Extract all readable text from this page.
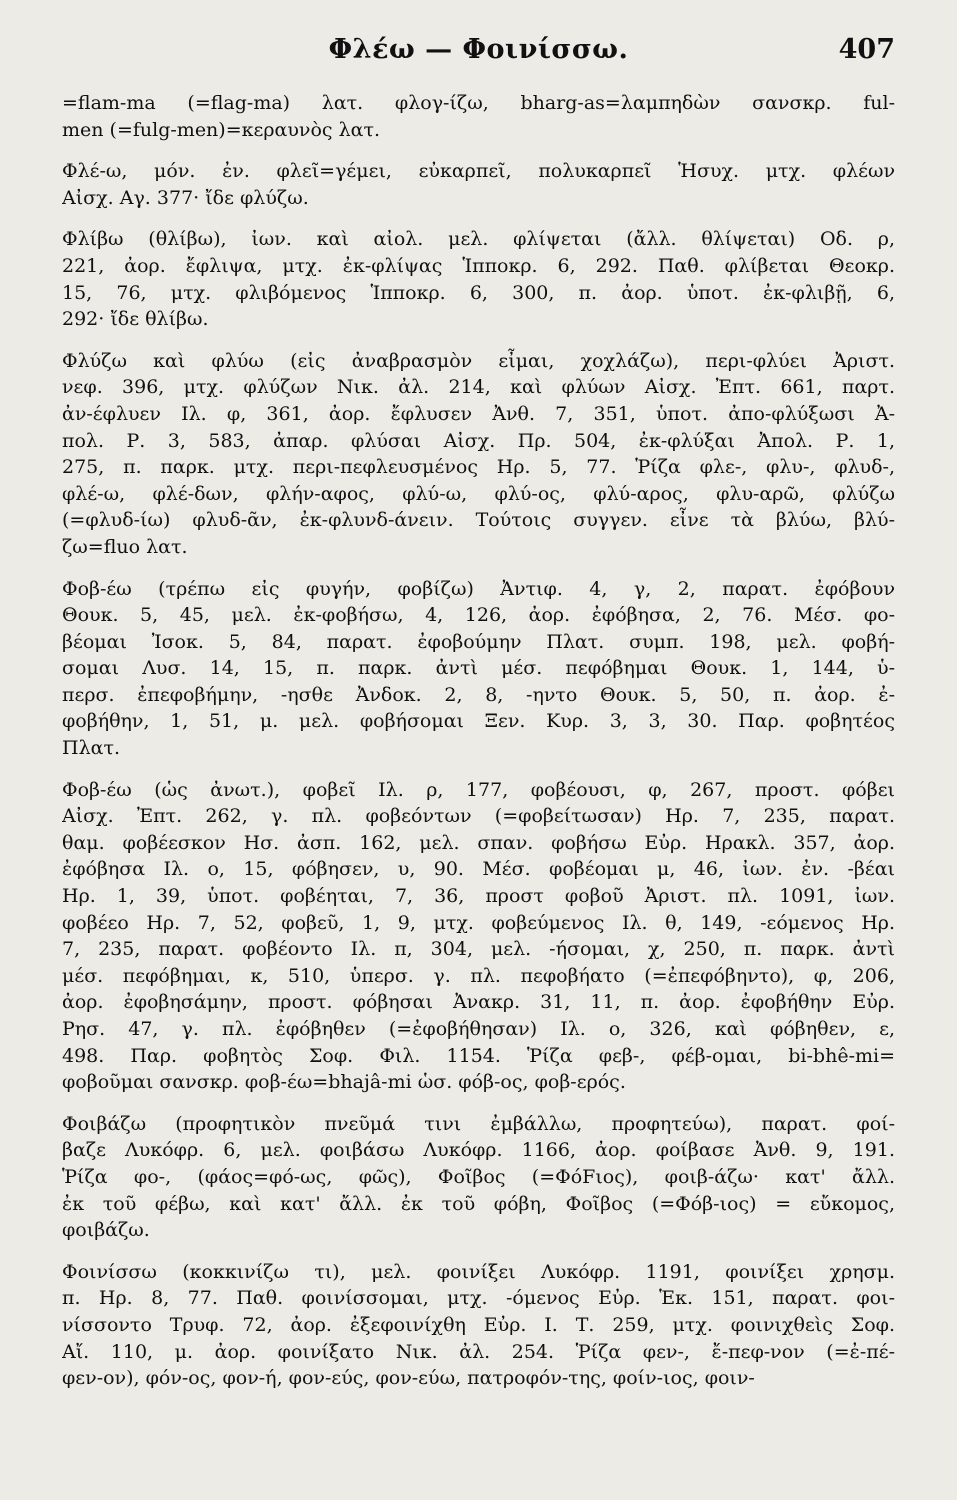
Φλέω — Φοινίσσω.	407
=flam-ma (=flag-ma) λατ. φλογ-ίζω, bharg-as=λαμπηδὼν σανσκρ. ful-
men (=fulg-men)=κεραυνὸς λατ.
Φλέ-ω, μόν. ἐν. φλεῖ=γέμει, εὐκαρπεῖ, πολυκαρπεῖ Ἡσυχ. μτχ. φλέων
Αἰσχ. Αγ. 377· ἴδε φλύζω.
Φλίβω (θλίβω), ἰων. καὶ αἰολ. μελ. φλίψεται (ἄλλ. θλίψεται) Οδ. ρ,
221, ἀορ. ἔφλιψα, μτχ. ἐκ-φλίψας Ἱπποκρ. 6, 292. Παθ. φλίβεται Θεοκρ.
15, 76, μτχ. φλιβόμενος Ἱπποκρ. 6, 300, π. ἀορ. ὑποτ. ἐκ-φλιβῇ, 6,
292· ἴδε θλίβω.
Φλύζω καὶ φλύω (εἰς ἀναβρασμὸν εἶμαι, χοχλάζω), περι-φλύει Ἀριστ.
νεφ. 396, μτχ. φλύζων Νικ. ἀλ. 214, καὶ φλύων Αἰσχ. Ἐπτ. 661, παρτ.
ἀν-έφλυεν Ιλ. φ, 361, ἀορ. ἔφλυσεν Ἀνθ. 7, 351, ὑποτ. ἀπο-φλύξωσι Ἀ-
πολ. Ρ. 3, 583, ἀπαρ. φλύσαι Αἰσχ. Πρ. 504, ἐκ-φλύξαι Ἀπολ. Ρ. 1,
275, π. παρκ. μτχ. περι-πεφλευσμένος Ηρ. 5, 77. Ῥίζα φλε-, φλυ-, φλυδ-,
φλέ-ω, φλέ-δων, φλήν-αφος, φλύ-ω, φλύ-ος, φλύ-αρος, φλυ-αρῶ, φλύζω
(=φλυδ-ίω) φλυδ-ᾶν, ἐκ-φλυνδ-άνειν. Τούτοις συγγεν. εἶνε τὰ βλύω, βλύ-
ζω=fluo λατ.
Φοβ-έω (τρέπω εἰς φυγήν, φοβίζω) Ἀντιφ. 4, γ, 2, παρατ. ἐφόβουν
Θουκ. 5, 45, μελ. ἐκ-φοβήσω, 4, 126, ἀορ. ἐφόβησα, 2, 76. Μέσ. φο-
βέομαι Ἰσοκ. 5, 84, παρατ. ἐφοβούμην Πλατ. συμπ. 198, μελ. φοβή-
σομαι Λυσ. 14, 15, π. παρκ. ἀντὶ μέσ. πεφόβημαι Θουκ. 1, 144, ὑ-
περσ. ἐπεφοβήμην, -ησθε Ἀνδοκ. 2, 8, -ηντο Θουκ. 5, 50, π. ἀορ. ἐ-
φοβήθην, 1, 51, μ. μελ. φοβήσομαι Ξεν. Κυρ. 3, 3, 30. Παρ. φοβητέος
Πλατ.
Φοβ-έω (ὡς ἀνωτ.), φοβεῖ Ιλ. ρ, 177, φοβέουσι, φ, 267, προστ. φόβει
Αἰσχ. Ἐπτ. 262, γ. πλ. φοβεόντων (=φοβείτωσαν) Ηρ. 7, 235, παρατ.
θαμ. φοβέεσκον Ησ. ἀσπ. 162, μελ. σπαν. φοβήσω Εὐρ. Ηρακλ. 357, ἀορ.
ἐφόβησα Ιλ. ο, 15, φόβησεν, υ, 90. Μέσ. φοβέομαι μ, 46, ἰων. ἐν. -βέαι
Ηρ. 1, 39, ὑποτ. φοβέηται, 7, 36, προστ φοβοῦ Ἀριστ. πλ. 1091, ἰων.
φοβέεο Ηρ. 7, 52, φοβεῦ, 1, 9, μτχ. φοβεύμενος Ιλ. θ, 149, -εόμενος Ηρ.
7, 235, παρατ. φοβέοντο Ιλ. π, 304, μελ. -ήσομαι, χ, 250, π. παρκ. ἀντὶ
μέσ. πεφόβημαι, κ, 510, ὑπερσ. γ. πλ. πεφοβήατο (=ἐπεφόβηντο), φ, 206,
ἀορ. ἐφοβησάμην, προστ. φόβησαι Ἀνακρ. 31, 11, π. ἀορ. ἐφοβήθην Εὐρ.
Ρησ. 47, γ. πλ. ἐφόβηθεν (=ἐφοβήθησαν) Ιλ. ο, 326, καὶ φόβηθεν, ε,
498. Παρ. φοβητὸς Σοφ. Φιλ. 1154. Ῥίζα φεβ-, φέβ-ομαι, bi-bhê-mi=
φοβοῦμαι σανσκρ. φοβ-έω=bhajâ-mi ὡσ. φόβ-ος, φοβ-ερός.
Φοιβάζω (προφητικὸν πνεῦμά τινι ἐμβάλλω, προφητεύω), παρατ. φοί-
βαζε Λυκόφρ. 6, μελ. φοιβάσω Λυκόφρ. 1166, ἀορ. φοίβασε Ἀνθ. 9, 191.
Ῥίζα φο-, (φάος=φό-ως, φῶς), Φοῖβος (=ΦόFιος), φοιβ-άζω· κατ' ἄλλ.
ἐκ τοῦ φέβω, καὶ κατ' ἄλλ. ἐκ τοῦ φόβη, Φοῖβος (=Φόβ-ιος) = εὔκομος,
φοιβάζω.
Φοινίσσω (κοκκινίζω τι), μελ. φοινίξει Λυκόφρ. 1191, φοινίξει χρησμ.
π. Ηρ. 8, 77. Παθ. φοινίσσομαι, μτχ. -όμενος Εὐρ. Ἑκ. 151, παρατ. φοι-
νίσσοντο Τρυφ. 72, ἀορ. ἐξεφοινίχθη Εὐρ. Ι. Τ. 259, μτχ. φοινιχθεὶς Σοφ.
Αἴ. 110, μ. ἀορ. φοινίξατο Νικ. ἀλ. 254. Ῥίζα φεν-, ἔ-πεφ-νον (=ἐ-πέ-
φεν-ον), φόν-ος, φον-ή, φον-εύς, φον-εύω, πατροφόν-της, φοίν-ιος, φοιν-
